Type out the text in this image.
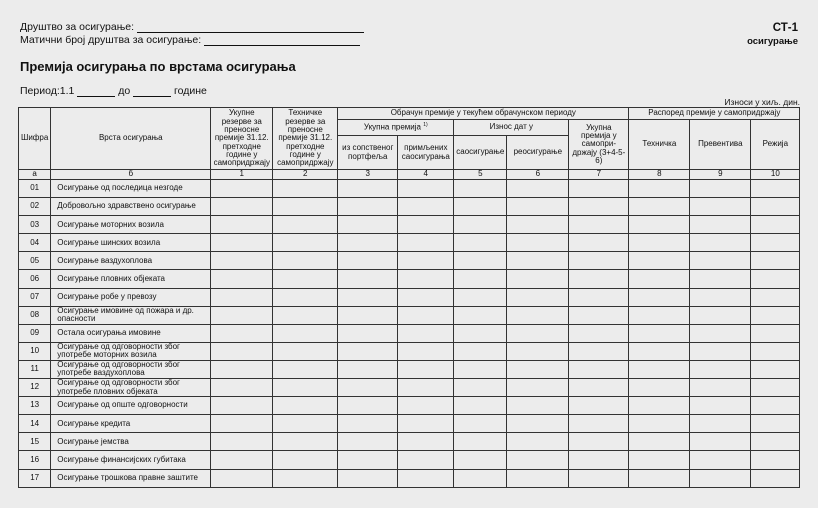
Друштво за осигурање:
Матични број друштва за осигурање:
СТ-1
осигурање
Премија осигурања по врстама осигурања
Период:1.1	до	године
Износи у хиљ. дин.
Шифра	Врста осигурања	Укупне резерве за преносне премије 31.12. претходне године у самопридржају	Техничке резерве за преносне премије 31.12. претходне године у самопридржају	Обрачун премије у текућем обрачунском периоду					Распоред премије у самопридржају		
				Укупна премија $^{1)}$		Износ дат у		Укупна премија у самопри-држају (3+4-5-6)	Техничка	Превентива	Режија
				из сопственог портфеља	примљених саосигурања	саосигурање	реосигурање				
а	б	1	2	3	4	5	6	7	8	9	10
01	Осигурање од последица незгоде										
02	Добровољно здравствено осигурање										
03	Осигурање моторних возила										
04	Осигурање шинских возила										
05	Осигурање ваздухоплова										
06	Осигурање пловних објеката										
07	Осигурање робе у превозу										
08	Осигурање имовине од пожара и др. опасности										
09	Остала осигурања имовине										
10	Осигурање од одговорности због употребе моторних возила										
11	Осигурање од одговорности због употребе ваздухоплова										
12	Осигурање од одговорности због употребе пловних објеката										
13	Осигурање од опште одговорности										
14	Осигурање кредита										
15	Осигурање јемства										
16	Осигурање финансијских губитака										
17	Осигурање трошкова правне заштите										
